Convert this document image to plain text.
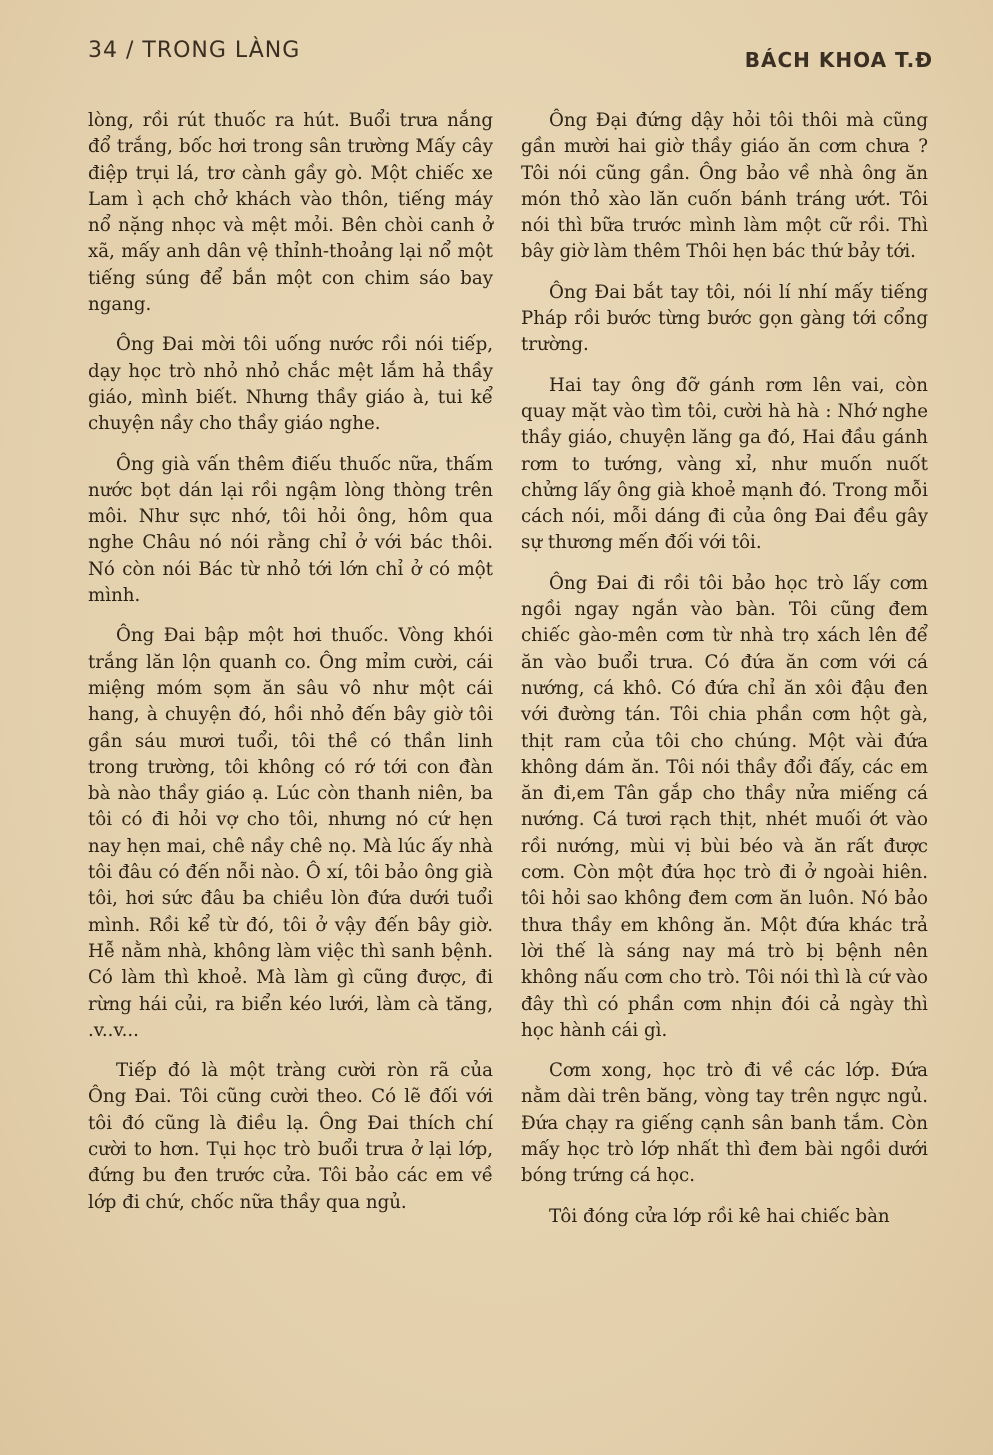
34 / TRONG LÀNG	BÁCH KHOA T.Đ

lòng, rồi rút thuốc ra hút. Buổi trưa nắng đổ trắng, bốc hơi trong sân trường Mấy cây điệp trụi lá, trơ cành gầy gò. Một chiếc xe Lam ì ạch chở khách vào thôn, tiếng máy nổ nặng nhọc và mệt mỏi. Bên chòi canh ở xã, mấy anh dân vệ thỉnh-thoảng lại nổ một tiếng súng để bắn một con chim sáo bay ngang.

Ông Đai mời tôi uống nước rồi nói tiếp, dạy học trò nhỏ nhỏ chắc mệt lắm hả thầy giáo, mình biết. Nhưng thầy giáo à, tui kể chuyện nầy cho thầy giáo nghe.

Ông già vấn thêm điếu thuốc nữa, thấm nước bọt dán lại rồi ngậm lòng thòng trên môi. Như sực nhớ, tôi hỏi ông, hôm qua nghe Châu nó nói rằng chỉ ở với bác thôi. Nó còn nói Bác từ nhỏ tới lớn chỉ ở có một mình.

Ông Đai bập một hơi thuốc. Vòng khói trắng lăn lộn quanh co. Ông mỉm cười, cái miệng móm sọm ăn sâu vô như một cái hang, à chuyện đó, hồi nhỏ đến bây giờ tôi gần sáu mươi tuổi, tôi thề có thần linh trong trường, tôi không có rớ tới con đàn bà nào thầy giáo ạ. Lúc còn thanh niên, ba tôi có đi hỏi vợ cho tôi, nhưng nó cứ hẹn nay hẹn mai, chê nầy chê nọ. Mà lúc ấy nhà tôi đâu có đến nỗi nào. Ô xí, tôi bảo ông già tôi, hơi sức đâu ba chiều lòn đứa dưới tuổi mình. Rồi kể từ đó, tôi ở vậy đến bây giờ. Hễ nằm nhà, không làm việc thì sanh bệnh. Có làm thì khoẻ. Mà làm gì cũng được, đi rừng hái củi, ra biển kéo lưới, làm cà tăng, .v..v...

Tiếp đó là một tràng cười ròn rã của Ông Đai. Tôi cũng cười theo. Có lẽ đối với tôi đó cũng là điều lạ. Ông Đai thích chí cười to hơn. Tụi học trò buổi trưa ở lại lớp, đứng bu đen trước cửa. Tôi bảo các em về lớp đi chứ, chốc nữa thầy qua ngủ.

Ông Đại đứng dậy hỏi tôi thôi mà cũng gần mười hai giờ thầy giáo ăn cơm chưa ? Tôi nói cũng gần. Ông bảo về nhà ông ăn món thỏ xào lăn cuốn bánh tráng ướt. Tôi nói thì bữa trước mình làm một cữ rồi. Thì bây giờ làm thêm Thôi hẹn bác thứ bảy tới.

Ông Đai bắt tay tôi, nói lí nhí mấy tiếng Pháp rồi bước từng bước gọn gàng tới cổng trường.

Hai tay ông đỡ gánh rơm lên vai, còn quay mặt vào tìm tôi, cười hà hà : Nhớ nghe thầy giáo, chuyện lăng ga đó, Hai đầu gánh rơm to tướng, vàng xỉ, như muốn nuốt chửng lấy ông già khoẻ mạnh đó. Trong mỗi cách nói, mỗi dáng đi của ông Đai đều gây sự thương mến đối với tôi.

Ông Đai đi rồi tôi bảo học trò lấy cơm ngồi ngay ngắn vào bàn. Tôi cũng đem chiếc gào-mên cơm từ nhà trọ xách lên để ăn vào buổi trưa. Có đứa ăn cơm với cá nướng, cá khô. Có đứa chỉ ăn xôi đậu đen với đường tán. Tôi chia phần cơm hột gà, thịt ram của tôi cho chúng. Một vài đứa không dám ăn. Tôi nói thầy đổi đấy, các em ăn đi,em Tân gắp cho thầy nửa miếng cá nướng. Cá tươi rạch thịt, nhét muối ớt vào rồi nướng, mùi vị bùi béo và ăn rất được cơm. Còn một đứa học trò đi ở ngoài hiên. tôi hỏi sao không đem cơm ăn luôn. Nó bảo thưa thầy em không ăn. Một đứa khác trả lời thế là sáng nay má trò bị bệnh nên không nấu cơm cho trò. Tôi nói thì là cứ vào đây thì có phần cơm nhịn đói cả ngày thì học hành cái gì.

Cơm xong, học trò đi về các lớp. Đứa nằm dài trên băng, vòng tay trên ngực ngủ. Đứa chạy ra giếng cạnh sân banh tắm. Còn mấy học trò lớp nhất thì đem bài ngồi dưới bóng trứng cá học.

Tôi đóng cửa lớp rồi kê hai chiếc bàn
